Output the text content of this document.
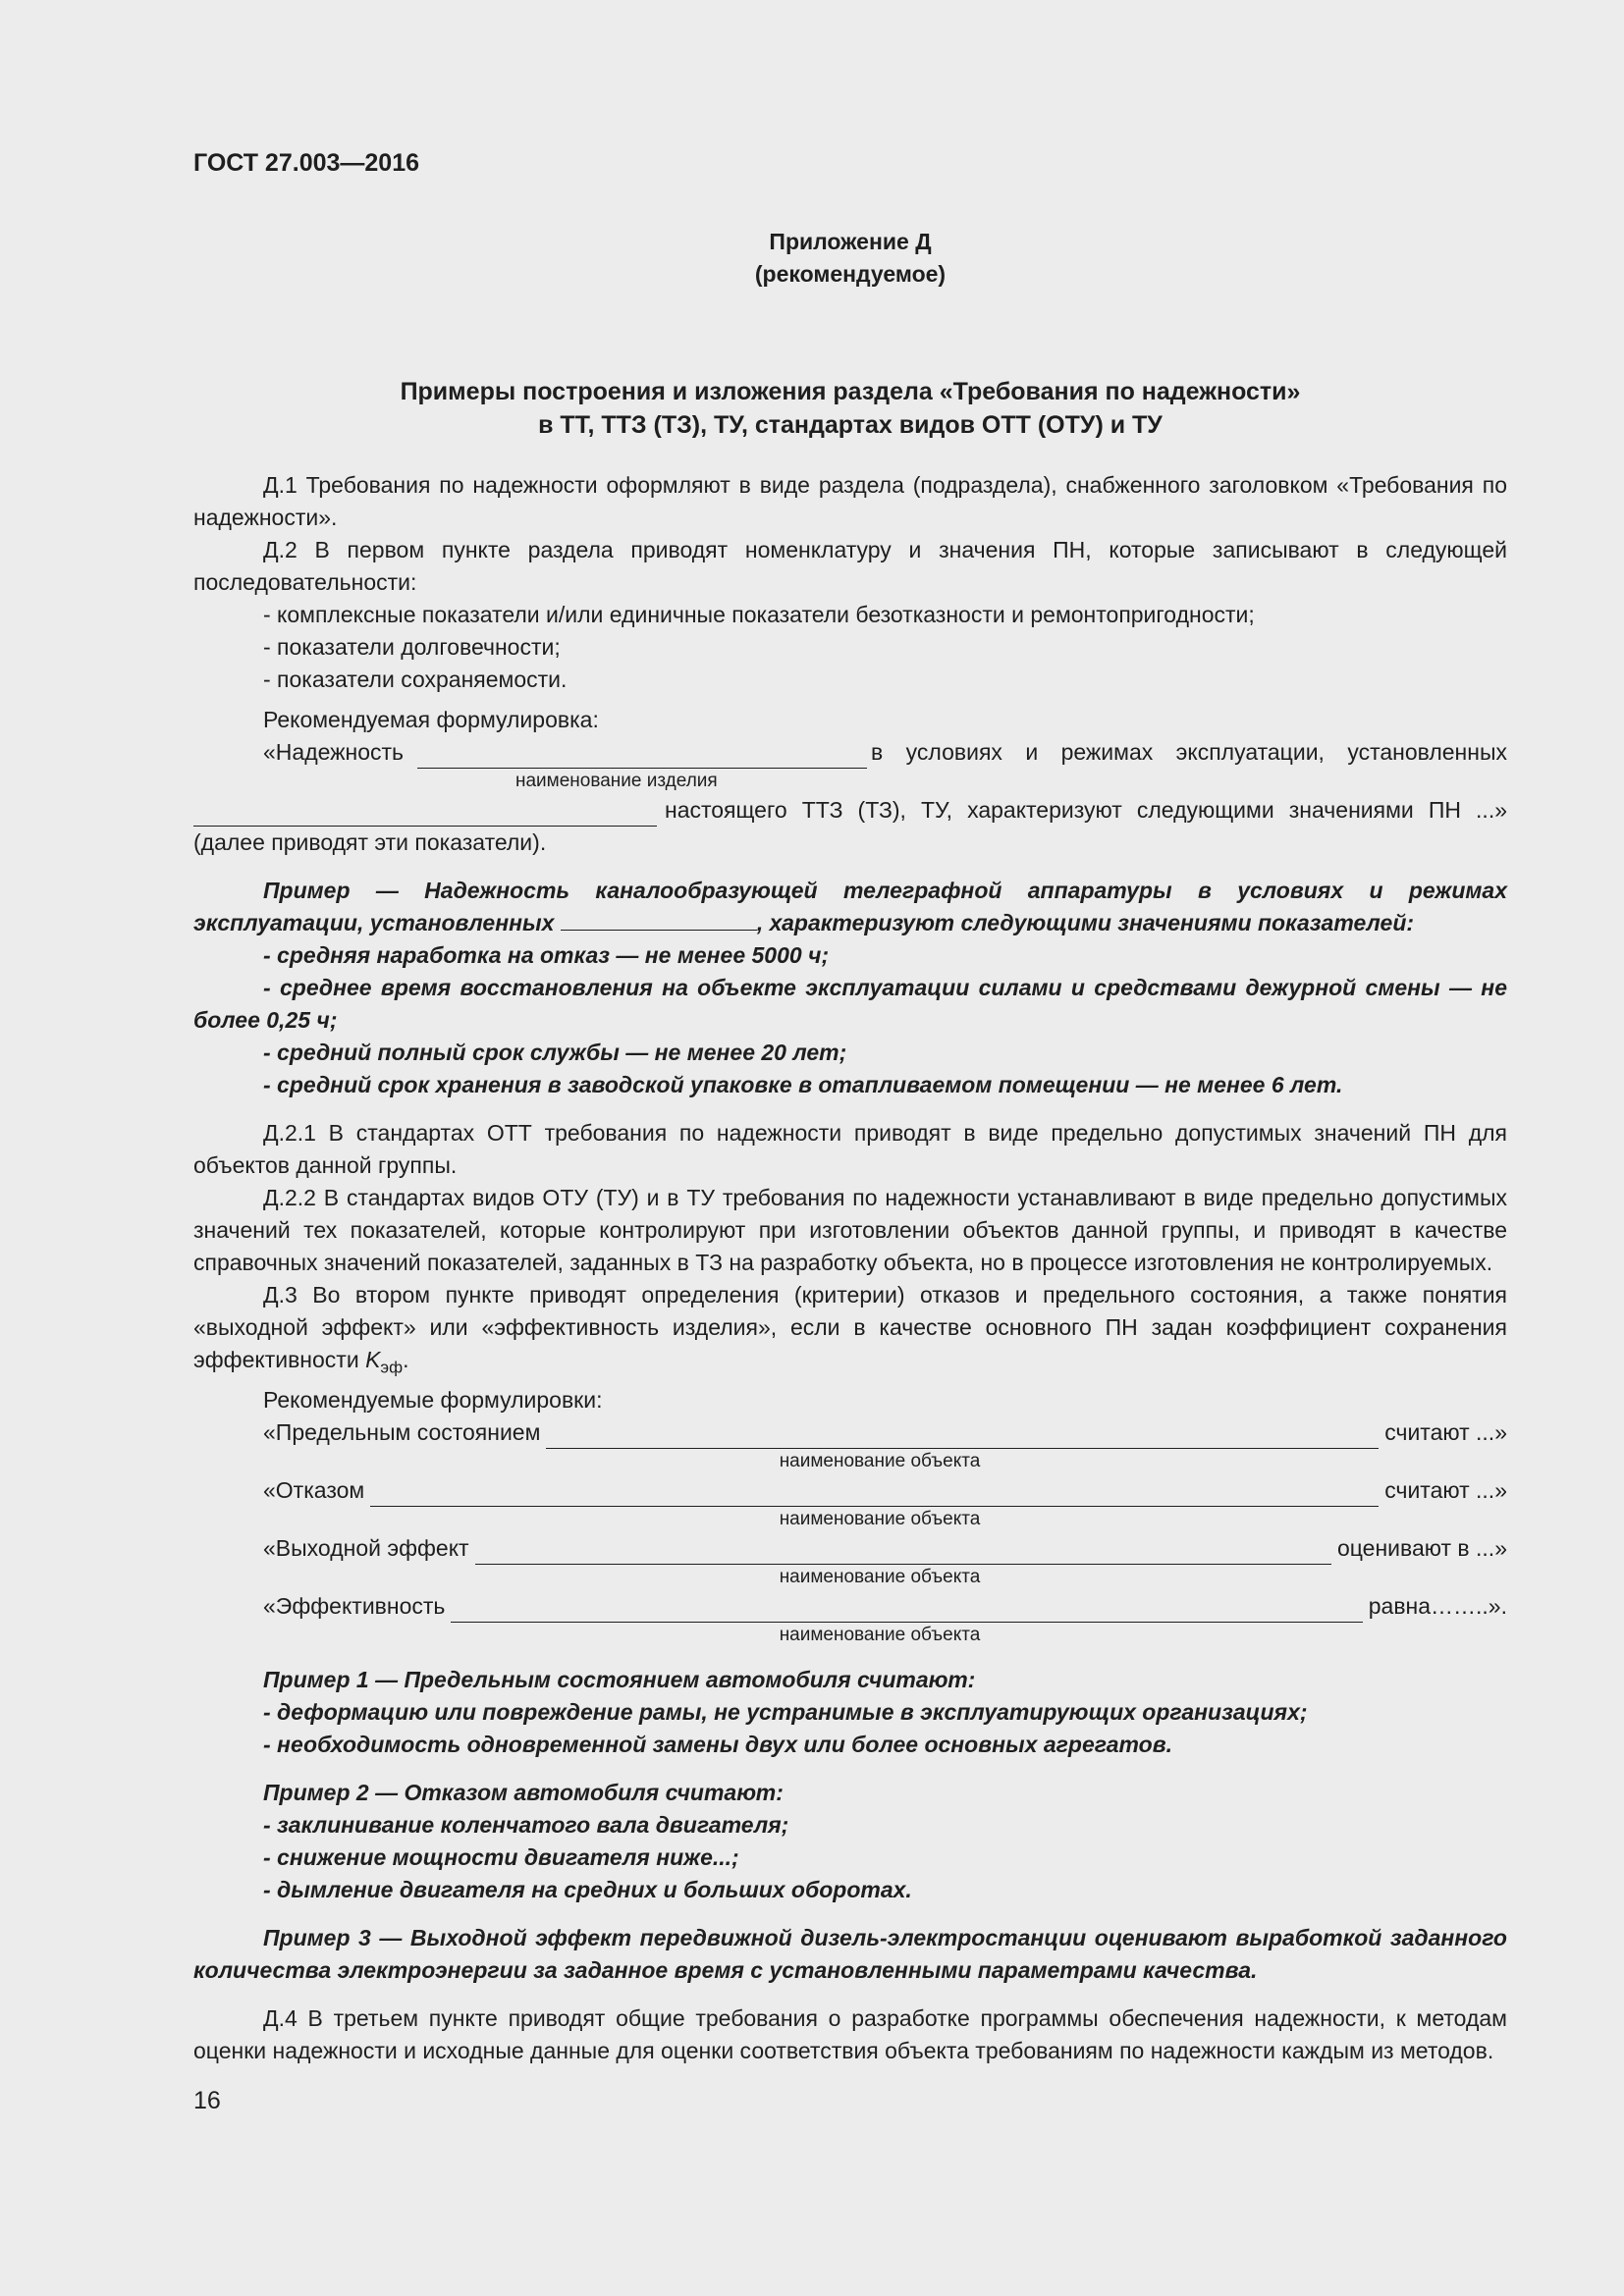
ГОСТ 27.003—2016
Приложение Д
(рекомендуемое)
Примеры построения и изложения раздела «Требования по надежности»
в ТТ, ТТЗ (ТЗ), ТУ, стандартах видов ОТТ (ОТУ) и ТУ

Д.1 Требования по надежности оформляют в виде раздела (подраздела), снабженного заголовком «Требования по надежности».

Д.2 В первом пункте раздела приводят номенклатуру и значения ПН, которые записывают в следующей последовательности:

- комплексные показатели и/или единичные показатели безотказности и ремонтопригодности;

- показатели долговечности;

- показатели сохраняемости.

Рекомендуемая формулировка:

«Надежность	в условиях и режимах эксплуатации, установленных
наименование изделия
настоящего ТТЗ (ТЗ), ТУ, характеризуют следующими значениями ПН ...»

(далее приводят эти показатели).

Пример — Надежность каналообразующей телеграфной аппаратуры в условиях и режимах эксплуатации, установленных	, характеризуют следующими значениями показателей:

- средняя наработка на отказ — не менее 5000 ч;

- среднее время восстановления на объекте эксплуатации силами и средствами дежурной смены — не более 0,25 ч;

- средний полный срок службы — не менее 20 лет;

- средний срок хранения в заводской упаковке в отапливаемом помещении — не менее 6 лет.

Д.2.1 В стандартах ОТТ требования по надежности приводят в виде предельно допустимых значений ПН для объектов данной группы.

Д.2.2 В стандартах видов ОТУ (ТУ) и в ТУ требования по надежности устанавливают в виде предельно допустимых значений тех показателей, которые контролируют при изготовлении объектов данной группы, и приводят в качестве справочных значений показателей, заданных в ТЗ на разработку объекта, но в процессе изготовления не контролируемых.

Д.3 Во втором пункте приводят определения (критерии) отказов и предельного состояния, а также понятия «выходной эффект» или «эффективность изделия», если в качестве основного ПН задан коэффициент сохранения эффективности $K_{эф}$.

Рекомендуемые формулировки:

«Предельным состоянием	считают ...»
наименование объекта
«Отказом	считают ...»
наименование объекта
«Выходной эффект	оценивают в ...»
наименование объекта
«Эффективность	равна……..».
наименование объекта

Пример 1 — Предельным состоянием автомобиля считают:

- деформацию или повреждение рамы, не устранимые в эксплуатирующих организациях;

- необходимость одновременной замены двух или более основных агрегатов.

Пример 2 — Отказом автомобиля считают:

- заклинивание коленчатого вала двигателя;

- снижение мощности двигателя ниже...;

- дымление двигателя на средних и больших оборотах.

Пример 3 — Выходной эффект передвижной дизель-электростанции оценивают выработкой заданного количества электроэнергии за заданное время с установленными параметрами качества.

Д.4 В третьем пункте приводят общие требования о разработке программы обеспечения надежности, к методам оценки надежности и исходные данные для оценки соответствия объекта требованиям по надежности каждым из методов.

16
